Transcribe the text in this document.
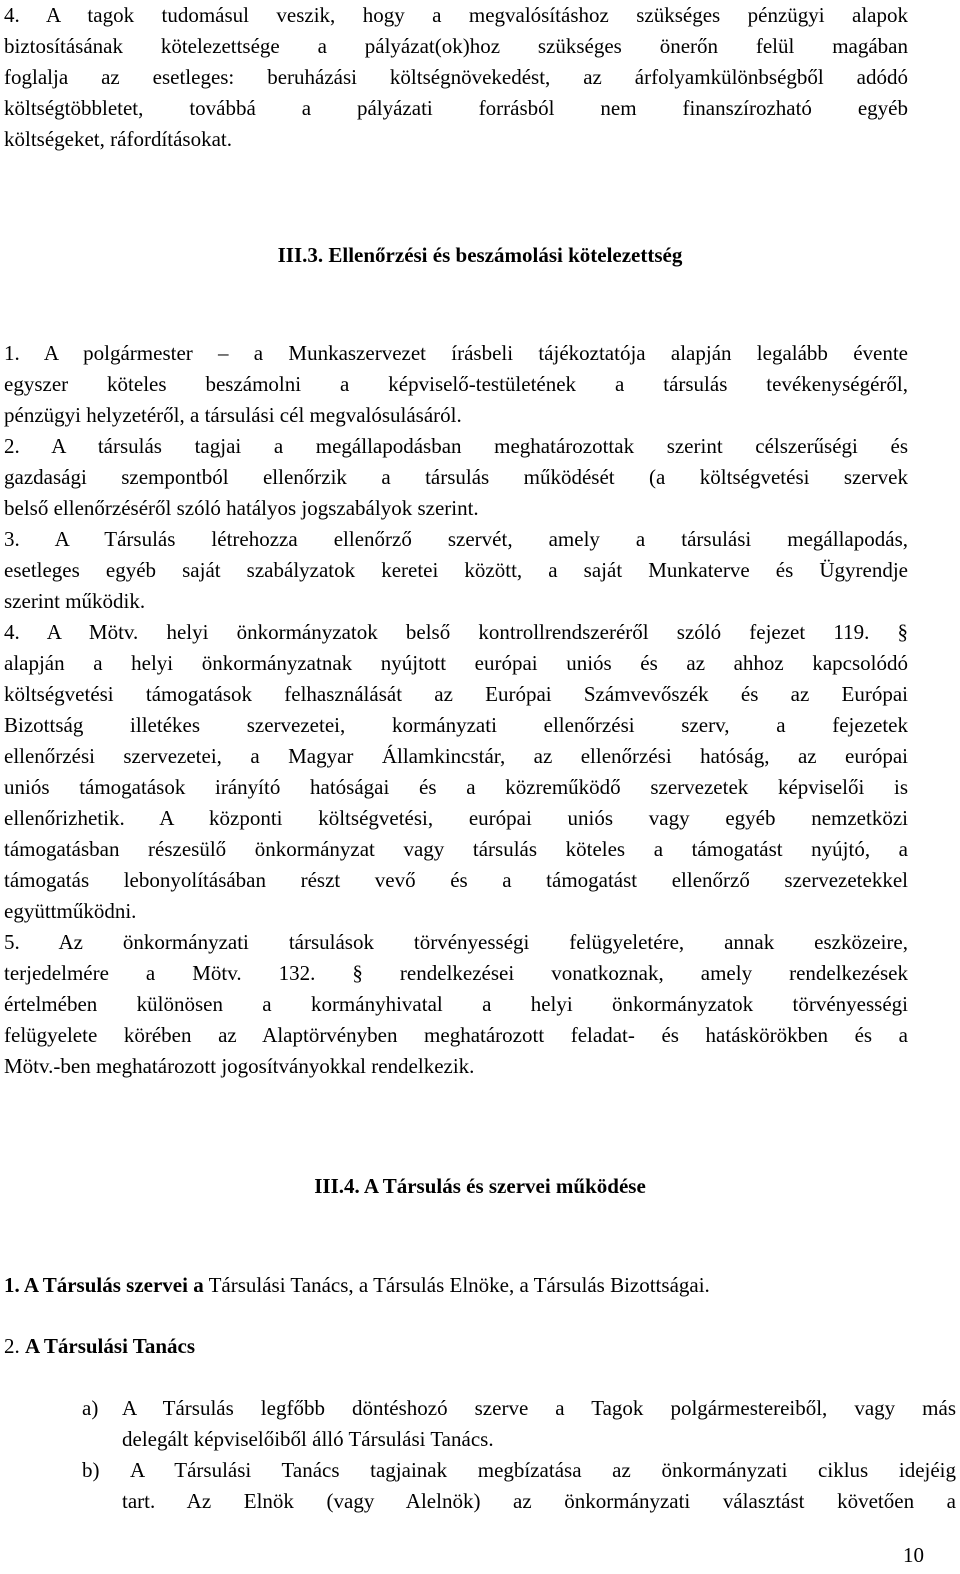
4. A tagok tudomásul veszik, hogy a megvalósításhoz szükséges pénzügyi alapok
biztosításának kötelezettsége a pályázat(ok)hoz szükséges önerőn felül magában
foglalja az esetleges: beruházási költségnövekedést, az árfolyamkülönbségből adódó
költségtöbbletet, továbbá a pályázati forrásból nem finanszírozható egyéb
költségeket, ráfordításokat.
III.3. Ellenőrzési és beszámolási kötelezettség
1. A polgármester – a Munkaszervezet írásbeli tájékoztatója alapján legalább évente
egyszer köteles beszámolni a képviselő-testületének a társulás tevékenységéről,
pénzügyi helyzetéről, a társulási cél megvalósulásáról.
2. A társulás tagjai a megállapodásban meghatározottak szerint célszerűségi és
gazdasági szempontból ellenőrzik a társulás működését (a költségvetési szervek
belső ellenőrzéséről szóló hatályos jogszabályok szerint.
3. A Társulás létrehozza ellenőrző szervét, amely a társulási megállapodás,
esetleges egyéb saját szabályzatok keretei között, a saját Munkaterve és Ügyrendje
szerint működik.
4. A Mötv. helyi önkormányzatok belső kontrollrendszeréről szóló fejezet 119. §
alapján a helyi önkormányzatnak nyújtott európai uniós és az ahhoz kapcsolódó
költségvetési támogatások felhasználását az Európai Számvevőszék és az Európai
Bizottság illetékes szervezetei, kormányzati ellenőrzési szerv, a fejezetek
ellenőrzési szervezetei, a Magyar Államkincstár, az ellenőrzési hatóság, az európai
uniós támogatások irányító hatóságai és a közreműködő szervezetek képviselői is
ellenőrizhetik. A központi költségvetési, európai uniós vagy egyéb nemzetközi
támogatásban részesülő önkormányzat vagy társulás köteles a támogatást nyújtó, a
támogatás lebonyolításában részt vevő és a támogatást ellenőrző szervezetekkel
együttműködni.
5. Az önkormányzati társulások törvényességi felügyeletére, annak eszközeire,
terjedelmére a Mötv. 132. § rendelkezései vonatkoznak, amely rendelkezések
értelmében különösen a kormányhivatal a helyi önkormányzatok törvényességi
felügyelete körében az Alaptörvényben meghatározott feladat- és hatáskörökben és a
Mötv.-ben meghatározott jogosítványokkal rendelkezik.
III.4. A Társulás és szervei működése
1. A Társulás szervei a Társulási Tanács, a Társulás Elnöke, a Társulás Bizottságai.
2. A Társulási Tanács
a) A Társulás legfőbb döntéshozó szerve a Tagok polgármestereiből, vagy más
delegált képviselőiből álló Társulási Tanács.
b) A Társulási Tanács tagjainak megbízatása az önkormányzati ciklus idejéig
tart. Az Elnök (vagy Alelnök) az önkormányzati választást követően a
10
